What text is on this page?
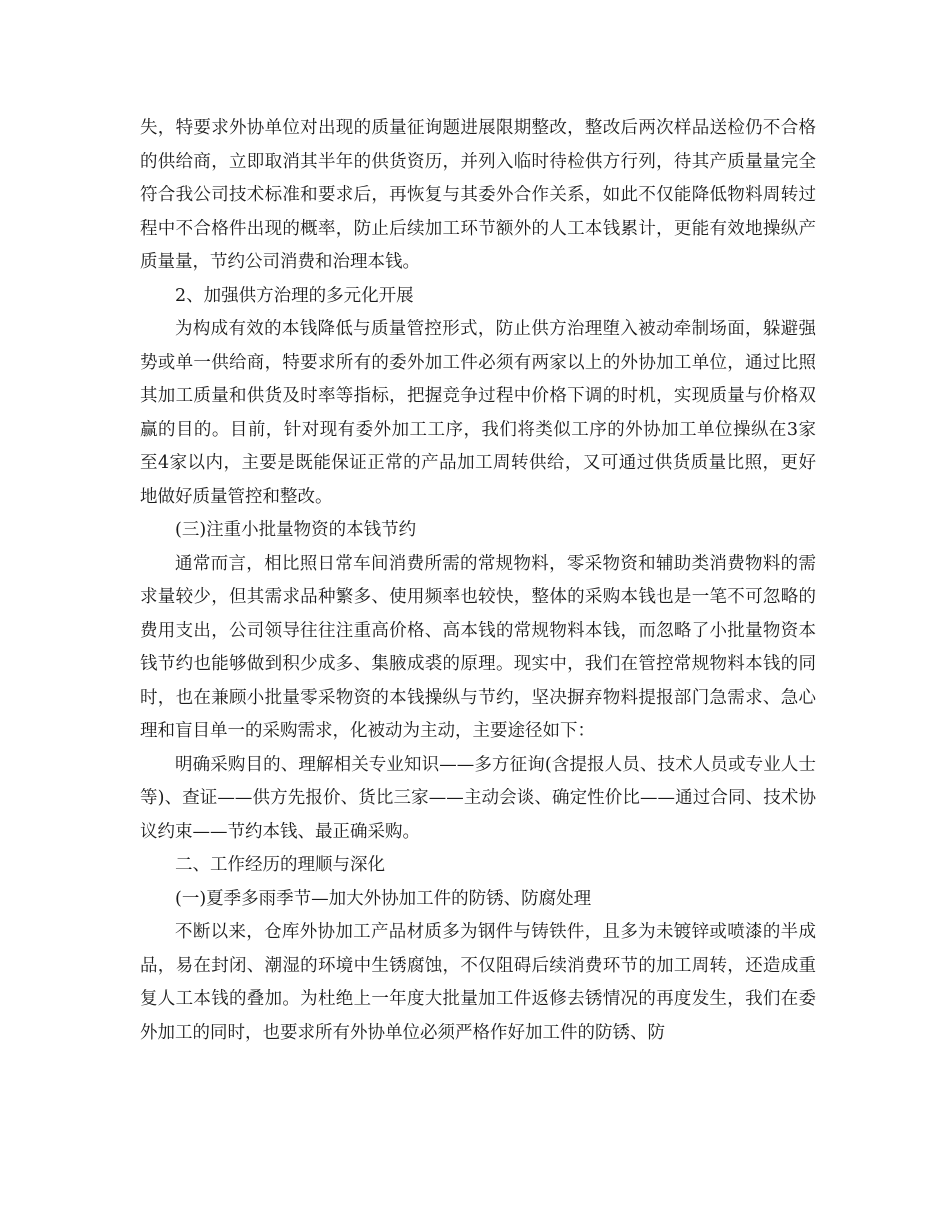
失，特要求外协单位对出现的质量征询题进展限期整改，整改后两次样品送检仍不合格的供给商，立即取消其半年的供货资历，并列入临时待检供方行列，待其产质量量完全符合我公司技术标准和要求后，再恢复与其委外合作关系，如此不仅能降低物料周转过程中不合格件出现的概率，防止后续加工环节额外的人工本钱累计，更能有效地操纵产质量量，节约公司消费和治理本钱。

2、加强供方治理的多元化开展

为构成有效的本钱降低与质量管控形式，防止供方治理堕入被动牵制场面，躲避强势或单一供给商，特要求所有的委外加工件必须有两家以上的外协加工单位，通过比照其加工质量和供货及时率等指标，把握竞争过程中价格下调的时机，实现质量与价格双赢的目的。目前，针对现有委外加工工序，我们将类似工序的外协加工单位操纵在3家至4家以内，主要是既能保证正常的产品加工周转供给，又可通过供货质量比照，更好地做好质量管控和整改。

(三)注重小批量物资的本钱节约

通常而言，相比照日常车间消费所需的常规物料，零采物资和辅助类消费物料的需求量较少，但其需求品种繁多、使用频率也较快，整体的采购本钱也是一笔不可忽略的费用支出，公司领导往往注重高价格、高本钱的常规物料本钱，而忽略了小批量物资本钱节约也能够做到积少成多、集腋成裘的原理。现实中，我们在管控常规物料本钱的同时，也在兼顾小批量零采物资的本钱操纵与节约，坚决摒弃物料提报部门急需求、急心理和盲目单一的采购需求，化被动为主动，主要途径如下：

明确采购目的、理解相关专业知识——多方征询(含提报人员、技术人员或专业人士等)、查证——供方先报价、货比三家——主动会谈、确定性价比——通过合同、技术协议约束——节约本钱、最正确采购。

二、工作经历的理顺与深化

(一)夏季多雨季节—加大外协加工件的防锈、防腐处理

不断以来，仓库外协加工产品材质多为钢件与铸铁件，且多为未镀锌或喷漆的半成品，易在封闭、潮湿的环境中生锈腐蚀，不仅阻碍后续消费环节的加工周转，还造成重复人工本钱的叠加。为杜绝上一年度大批量加工件返修去锈情况的再度发生，我们在委外加工的同时，也要求所有外协单位必须严格作好加工件的防锈、防
